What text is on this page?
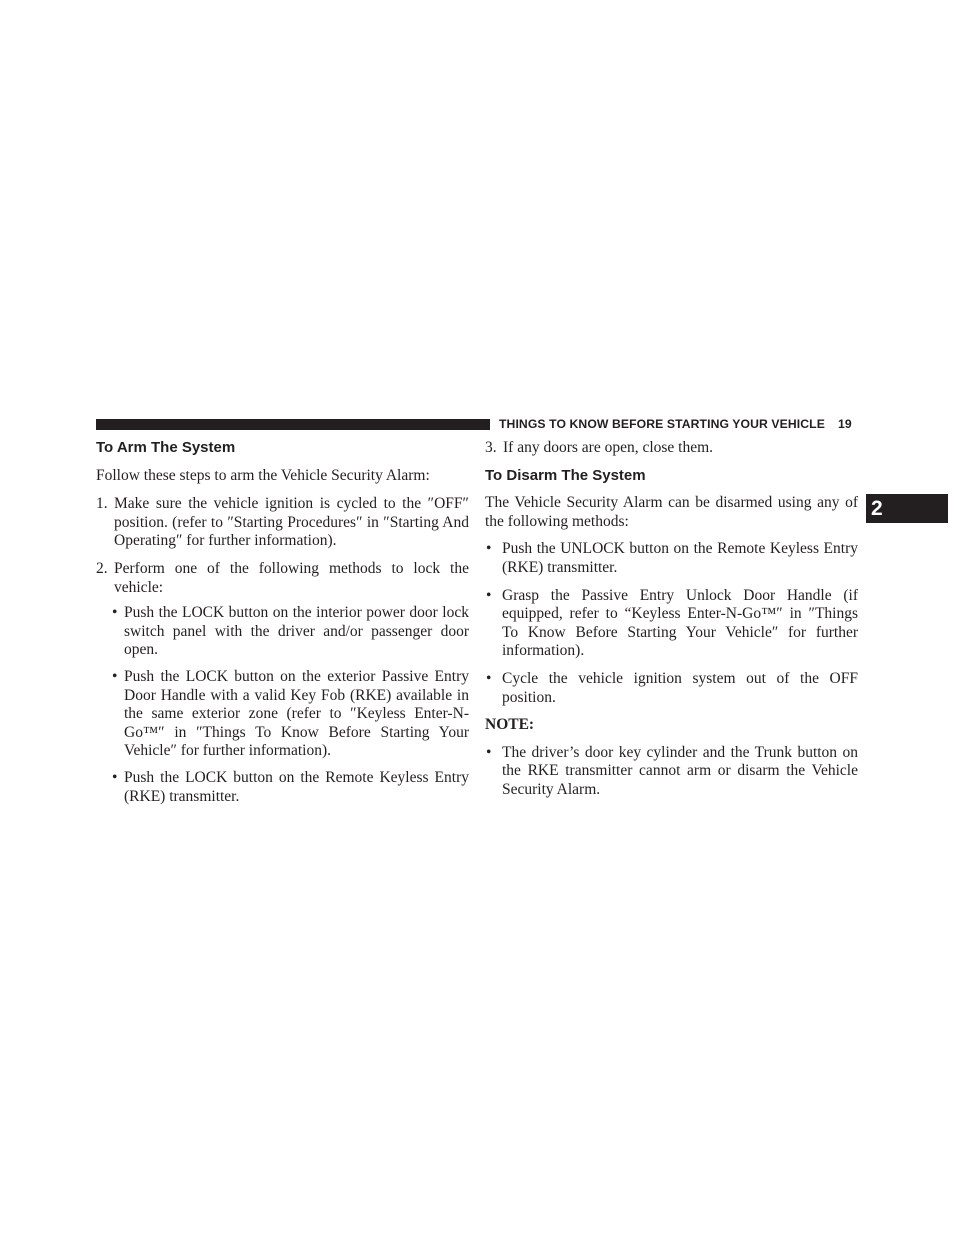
THINGS TO KNOW BEFORE STARTING YOUR VEHICLE 19
2
To Arm The System

Follow these steps to arm the Vehicle Security Alarm:

1. Make sure the vehicle ignition is cycled to the ″OFF″ position. (refer to ″Starting Procedures″ in ″Starting And Operating″ for further information).
2. Perform one of the following methods to lock the vehicle:
• Push the LOCK button on the interior power door lock switch panel with the driver and/or passenger door open.
• Push the LOCK button on the exterior Passive Entry Door Handle with a valid Key Fob (RKE) available in the same exterior zone (refer to ″Keyless Enter-N-Go™″ in ″Things To Know Before Starting Your Vehicle″ for further information).
• Push the LOCK button on the Remote Keyless Entry (RKE) transmitter.
3. If any doors are open, close them.
To Disarm The System

The Vehicle Security Alarm can be disarmed using any of the following methods:

• Push the UNLOCK button on the Remote Keyless Entry (RKE) transmitter.
• Grasp the Passive Entry Unlock Door Handle (if equipped, refer to “Keyless Enter-N-Go™″ in ″Things To Know Before Starting Your Vehicle″ for further information).
• Cycle the vehicle ignition system out of the OFF position.

NOTE:

• The driver’s door key cylinder and the Trunk button on the RKE transmitter cannot arm or disarm the Vehicle Security Alarm.
